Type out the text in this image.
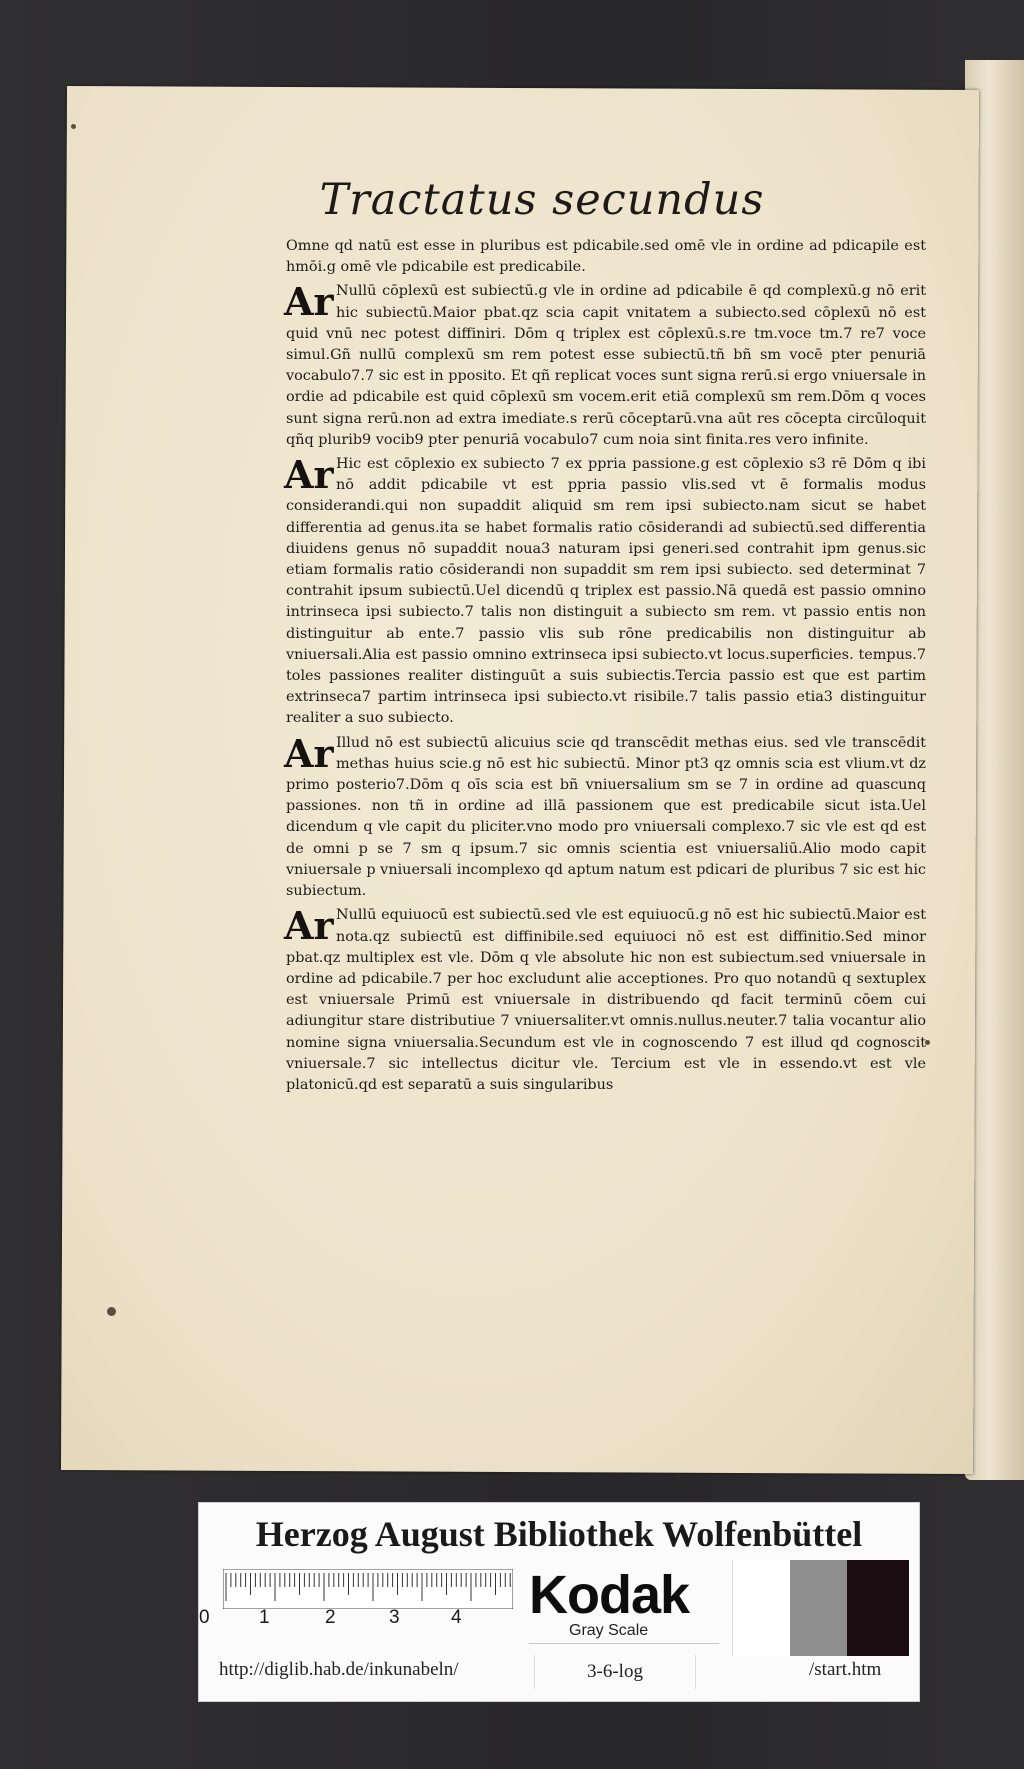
Tractatus secundus

Omne qd natū est esse in pluribus est pdicabile.sed omē vle in ordine ad pdicapile est hmōi.g omē vle pdicabile est predicabile.

Ar Nullū cōplexū est subiectū.g vle in ordine ad pdicabile ē qd complexū.g nō erit hic subiectū.Maior pbat.qz scia capit vnitatem a subiecto.sed cōplexū nō est quid vnū nec potest diffiniri. Dōm q triplex est cōplexū.s.re tm.voce tm.7 re7 voce simul.Gñ nullū complexū sm rem potest esse subiectū.tñ bñ sm vocē pter penuriā vocabulo7.7 sic est in pposito. Et qñ replicat voces sunt signa rerū.si ergo vniuersale in ordie ad pdicabile est quid cōplexū sm vocem.erit etiā complexū sm rem.Dōm q voces sunt signa rerū.non ad extra imediate.s rerū cōceptarū.vna aūt res cōcepta circūloquit qñq plurib9 vocib9 pter penuriā vocabulo7 cum noia sint finita.res vero infinite.

Ar Hic est cōplexio ex subiecto 7 ex ppria passione.g est cōplexio s3 rē Dōm q ibi nō addit pdicabile vt est ppria passio vlis.sed vt ē formalis modus considerandi.qui non supaddit aliquid sm rem ipsi subiecto.nam sicut se habet differentia ad genus.ita se habet formalis ratio cōsiderandi ad subiectū.sed differentia diuidens genus nō supaddit noua3 naturam ipsi generi.sed contrahit ipm genus.sic etiam formalis ratio cōsiderandi non supaddit sm rem ipsi subiecto. sed determinat 7 contrahit ipsum subiectū.Uel dicendū q triplex est passio.Nā quedā est passio omnino intrinseca ipsi subiecto.7 talis non distinguit a subiecto sm rem. vt passio entis non distinguitur ab ente.7 passio vlis sub rōne predicabilis non distinguitur ab vniuersali.Alia est passio omnino extrinseca ipsi subiecto.vt locus.superficies. tempus.7 toles passiones realiter distinguūt a suis subiectis.Tercia passio est que est partim extrinseca7 partim intrinseca ipsi subiecto.vt risibile.7 talis passio etia3 distinguitur realiter a suo subiecto.

Ar Illud nō est subiectū alicuius scie qd transcēdit methas eius. sed vle transcēdit methas huius scie.g nō est hic subiectū. Minor pt3 qz omnis scia est vlium.vt dz primo posterio7.Dōm q oīs scia est bñ vniuersalium sm se 7 in ordine ad quascunq passiones. non tñ in ordine ad illā passionem que est predicabile sicut ista.Uel dicendum q vle capit du pliciter.vno modo pro vniuersali complexo.7 sic vle est qd est de omni p se 7 sm q ipsum.7 sic omnis scientia est vniuersaliū.Alio modo capit vniuersale p vniuersali incomplexo qd aptum natum est pdicari de pluribus 7 sic est hic subiectum.

Ar Nullū equiuocū est subiectū.sed vle est equiuocū.g nō est hic subiectū.Maior est nota.qz subiectū est diffinibile.sed equiuoci nō est est diffinitio.Sed minor pbat.qz multiplex est vle. Dōm q vle absolute hic non est subiectum.sed vniuersale in ordine ad pdicabile.7 per hoc excludunt alie acceptiones. Pro quo notandū q sextuplex est vniuersale Primū est vniuersale in distribuendo qd facit terminū cōem cui adiungitur stare distributiue 7 vniuersaliter.vt omnis.nullus.neuter.7 talia vocantur alio nomine signa vniuersalia.Secundum est vle in cognoscendo 7 est illud qd cognoscit vniuersale.7 sic intellectus dicitur vle. Tercium est vle in essendo.vt est vle platonicū.qd est separatū a suis singularibus

Herzog August Bibliothek Wolfenbüttel
0	1	2	3	4 Kodak
Gray Scale
http://diglib.hab.de/inkunabeln/	3-6-log	/start.htm
